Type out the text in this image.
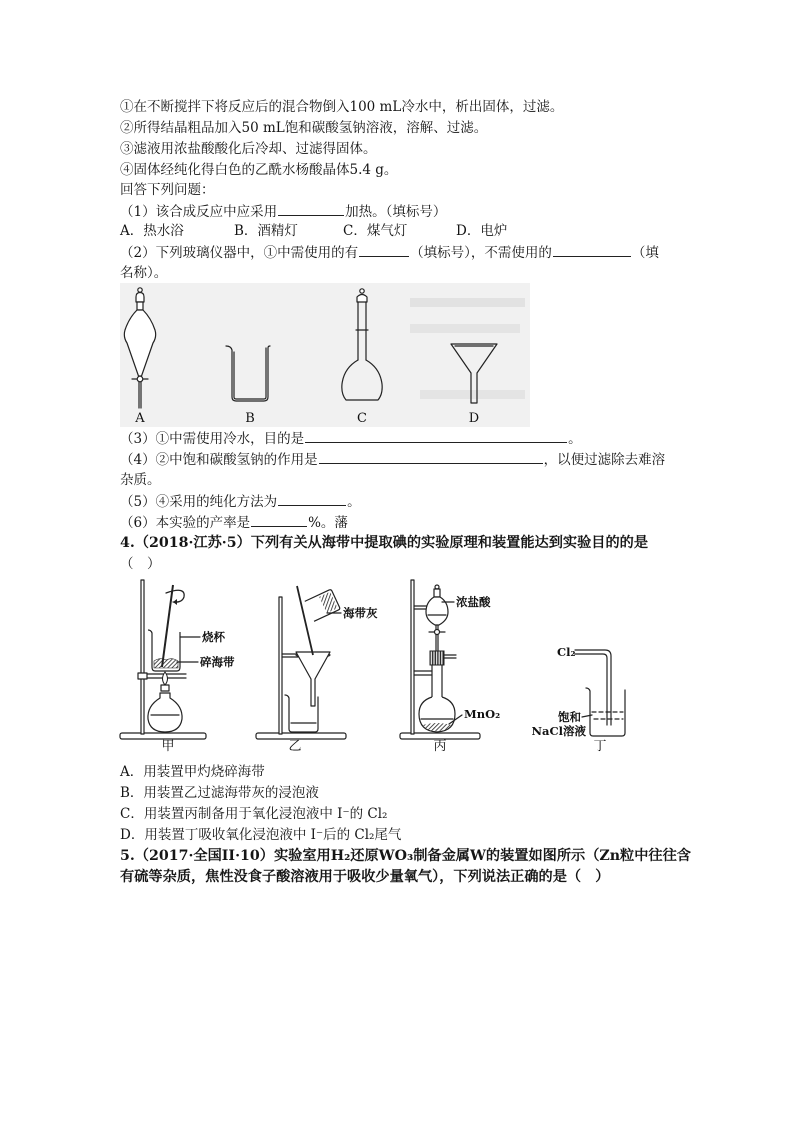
①在不断搅拌下将反应后的混合物倒入100 mL冷水中，析出固体，过滤。
②所得结晶粗品加入50 mL饱和碳酸氢钠溶液，溶解、过滤。
③滤液用浓盐酸酸化后冷却、过滤得固体。
④固体经纯化得白色的乙酰水杨酸晶体5.4 g。
回答下列问题：
（1）该合成反应中应采用	加热。（填标号）
A．热水浴	B．酒精灯	C．煤气灯	D．电炉
（2）下列玻璃仪器中，①中需使用的有	（填标号），不需使用的	（填
名称）。
A	B	C	D
（3）①中需使用冷水，目的是	。
（4）②中饱和碳酸氢钠的作用是	，以便过滤除去难溶
杂质。
（5）④采用的纯化方法为	。
（6）本实验的产率是	%。藩
4.（2018·江苏·5）下列有关从海带中提取碘的实验原理和装置能达到实验目的的是
（　）
烧杯
碎海带
甲
海带灰
乙
浓盐酸
MnO₂
丙
Cl₂
饱和
NaCl溶液
丁
A．用装置甲灼烧碎海带
B．用装置乙过滤海带灰的浸泡液
C．用装置丙制备用于氧化浸泡液中 I⁻的 Cl₂
D．用装置丁吸收氧化浸泡液中 I⁻后的 Cl₂尾气
5.（2017·全国II·10）实验室用H₂还原WO₃制备金属W的装置如图所示（Zn粒中往往含
有硫等杂质，焦性没食子酸溶液用于吸收少量氧气），下列说法正确的是（　）
